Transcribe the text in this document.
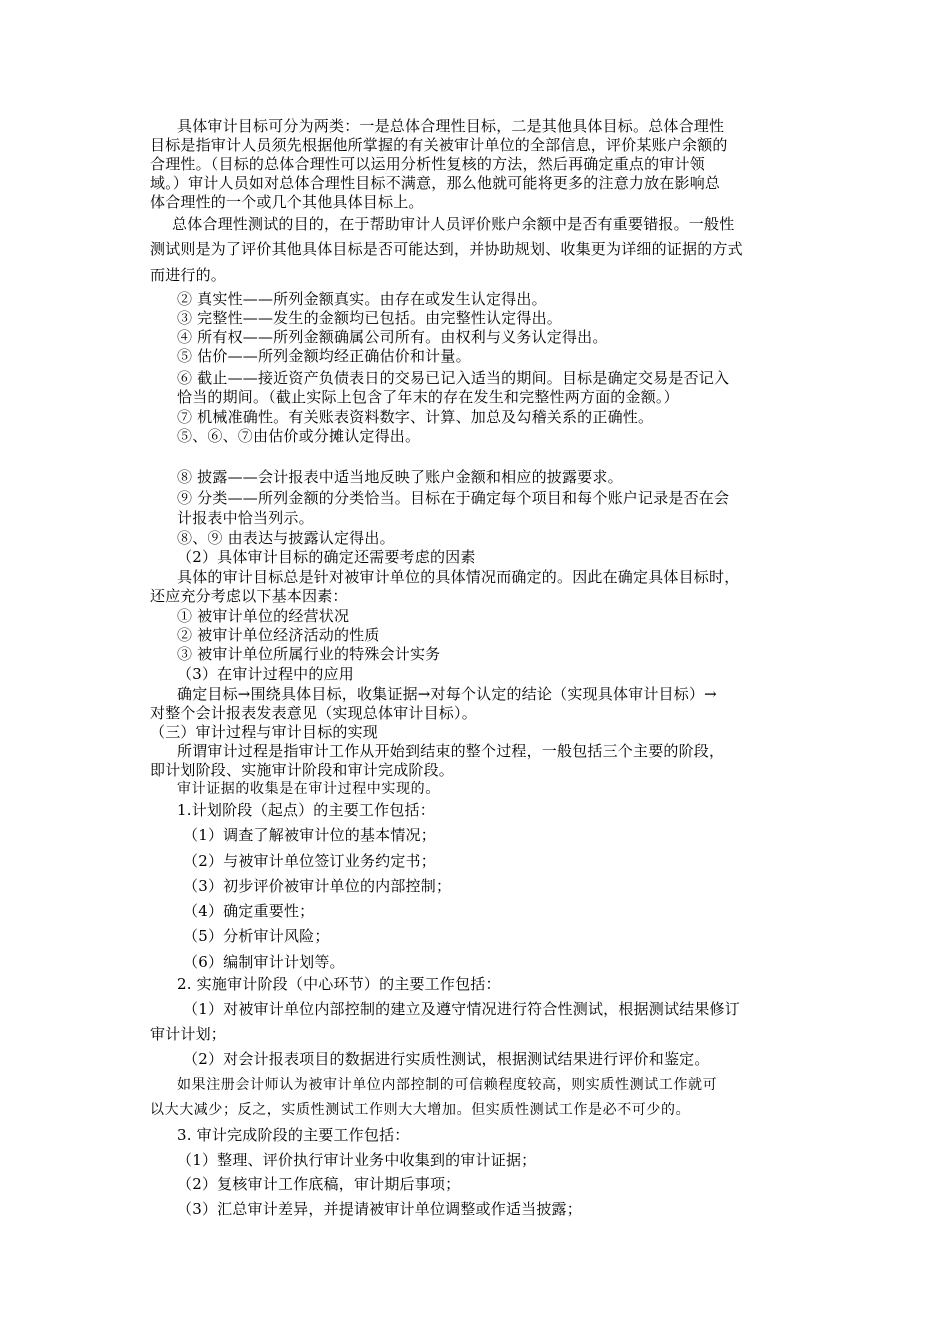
具体审计目标可分为两类：一是总体合理性目标，二是其他具体目标。总体合理性
目标是指审计人员须先根据他所掌握的有关被审计单位的全部信息，评价某账户余额的
合理性。（目标的总体合理性可以运用分析性复核的方法，然后再确定重点的审计领
域。）审计人员如对总体合理性目标不满意，那么他就可能将更多的注意力放在影响总
体合理性的一个或几个其他具体目标上。
总体合理性测试的目的，在于帮助审计人员评价账户余额中是否有重要错报。一般性
测试则是为了评价其他具体目标是否可能达到，并协助规划、收集更为详细的证据的方式
而进行的。
② 真实性——所列金额真实。由存在或发生认定得出。
③ 完整性——发生的金额均已包括。由完整性认定得出。
④ 所有权——所列金额确属公司所有。由权利与义务认定得出。
⑤ 估价——所列金额均经正确估价和计量。
⑥ 截止——接近资产负债表日的交易已记入适当的期间。目标是确定交易是否记入
恰当的期间。（截止实际上包含了年末的存在发生和完整性两方面的金额。）
⑦ 机械准确性。有关账表资料数字、计算、加总及勾稽关系的正确性。
⑤、⑥、⑦由估价或分摊认定得出。
⑧ 披露——会计报表中适当地反映了账户金额和相应的披露要求。
⑨ 分类——所列金额的分类恰当。目标在于确定每个项目和每个账户记录是否在会
计报表中恰当列示。
⑧、⑨ 由表达与披露认定得出。
（2）具体审计目标的确定还需要考虑的因素
具体的审计目标总是针对被审计单位的具体情况而确定的。因此在确定具体目标时，
还应充分考虑以下基本因素：
① 被审计单位的经营状况
② 被审计单位经济活动的性质
③ 被审计单位所属行业的特殊会计实务
（3）在审计过程中的应用
确定目标→围绕具体目标，收集证据→对每个认定的结论（实现具体审计目标）→
对整个会计报表发表意见（实现总体审计目标）。
（三）审计过程与审计目标的实现
所谓审计过程是指审计工作从开始到结束的整个过程，一般包括三个主要的阶段，
即计划阶段、实施审计阶段和审计完成阶段。
审计证据的收集是在审计过程中实现的。
1.计划阶段（起点）的主要工作包括：
（1）调查了解被审计位的基本情况；
（2）与被审计单位签订业务约定书；
（3）初步评价被审计单位的内部控制；
（4）确定重要性；
（5）分析审计风险；
（6）编制审计计划等。
2. 实施审计阶段（中心环节）的主要工作包括：
（1）对被审计单位内部控制的建立及遵守情况进行符合性测试，根据测试结果修订
审计计划；
（2）对会计报表项目的数据进行实质性测试，根据测试结果进行评价和鉴定。
如果注册会计师认为被审计单位内部控制的可信赖程度较高，则实质性测试工作就可
以大大减少；反之，实质性测试工作则大大增加。但实质性测试工作是必不可少的。
3. 审计完成阶段的主要工作包括：
（1）整理、评价执行审计业务中收集到的审计证据；
（2）复核审计工作底稿，审计期后事项；
（3）汇总审计差异，并提请被审计单位调整或作适当披露；
